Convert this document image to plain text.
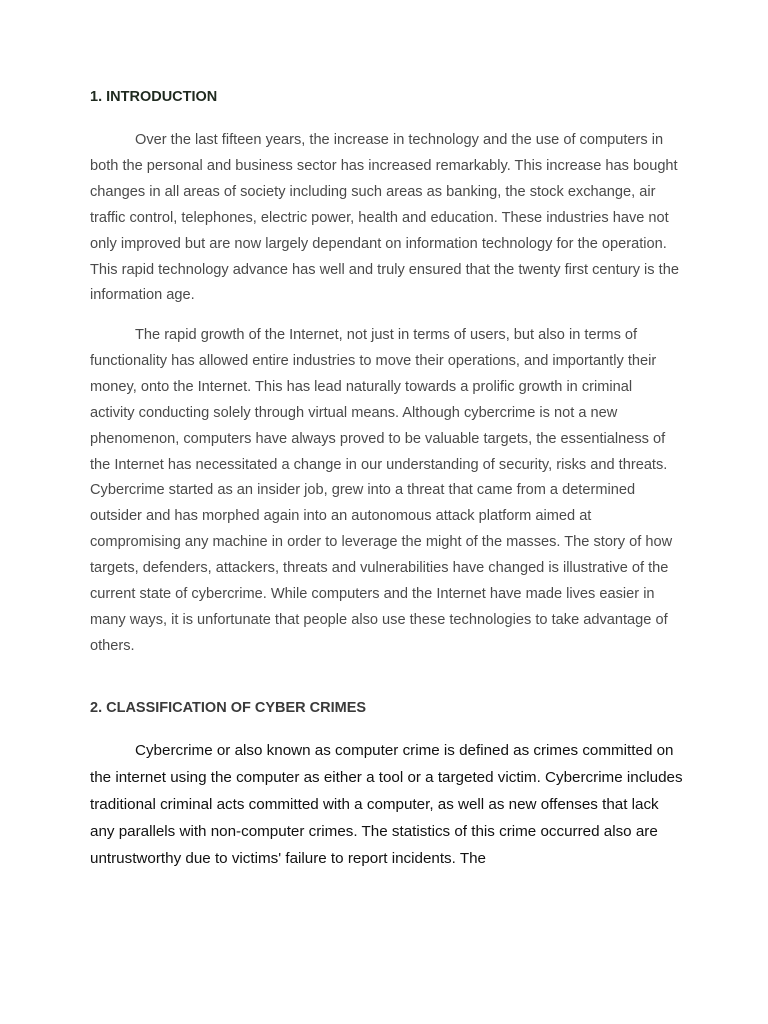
1. INTRODUCTION

Over the last fifteen years, the increase in technology and the use of computers in both the personal and business sector has increased remarkably. This increase has bought changes in all areas of society including such areas as banking, the stock exchange, air traffic control, telephones, electric power, health and education. These industries have not only improved but are now largely dependant on information technology for the operation. This rapid technology advance has well and truly ensured that the twenty first century is the information age.

The rapid growth of the Internet, not just in terms of users, but also in terms of functionality has allowed entire industries to move their operations, and importantly their money, onto the Internet. This has lead naturally towards a prolific growth in criminal activity conducting solely through virtual means. Although cybercrime is not a new phenomenon, computers have always proved to be valuable targets, the essentialness of the Internet has necessitated a change in our understanding of security, risks and threats. Cybercrime started as an insider job, grew into a threat that came from a determined outsider and has morphed again into an autonomous attack platform aimed at compromising any machine in order to leverage the might of the masses. The story of how targets, defenders, attackers, threats and vulnerabilities have changed is illustrative of the current state of cybercrime. While computers and the Internet have made lives easier in many ways, it is unfortunate that people also use these technologies to take advantage of others.

2. CLASSIFICATION OF CYBER CRIMES

Cybercrime or also known as computer crime is defined as crimes committed on the internet using the computer as either a tool or a targeted victim. Cybercrime includes traditional criminal acts committed with a computer, as well as new offenses that lack any parallels with non-computer crimes. The statistics of this crime occurred also are untrustworthy due to victims' failure to report incidents. The
